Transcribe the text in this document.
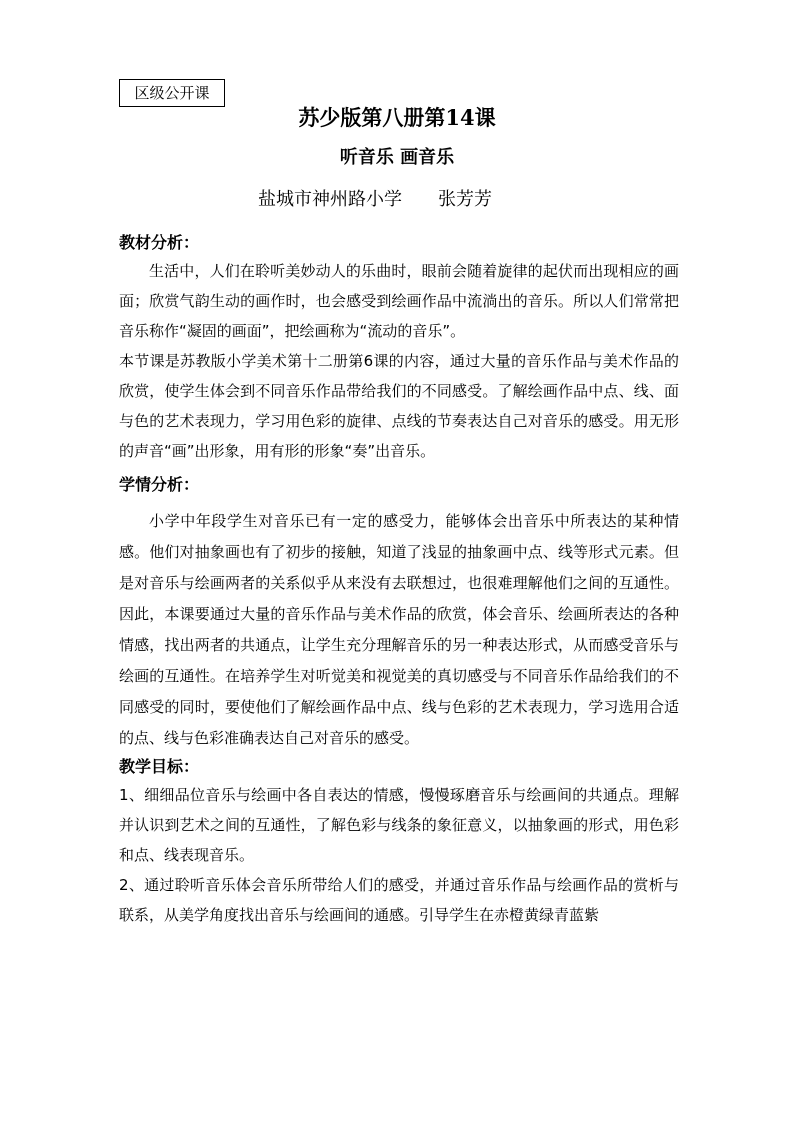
区级公开课
苏少版第八册第14课
听音乐 画音乐
盐城市神州路小学 张芳芳

教材分析：

生活中，人们在聆听美妙动人的乐曲时，眼前会随着旋律的起伏而出现相应的画面；欣赏气韵生动的画作时，也会感受到绘画作品中流淌出的音乐。所以人们常常把音乐称作“凝固的画面”，把绘画称为“流动的音乐”。

本节课是苏教版小学美术第十二册第6课的内容，通过大量的音乐作品与美术作品的欣赏，使学生体会到不同音乐作品带给我们的不同感受。了解绘画作品中点、线、面与色的艺术表现力，学习用色彩的旋律、点线的节奏表达自己对音乐的感受。用无形的声音“画”出形象，用有形的形象“奏”出音乐。

学情分析：

小学中年段学生对音乐已有一定的感受力，能够体会出音乐中所表达的某种情感。他们对抽象画也有了初步的接触，知道了浅显的抽象画中点、线等形式元素。但是对音乐与绘画两者的关系似乎从来没有去联想过，也很难理解他们之间的互通性。因此，本课要通过大量的音乐作品与美术作品的欣赏，体会音乐、绘画所表达的各种情感，找出两者的共通点，让学生充分理解音乐的另一种表达形式，从而感受音乐与绘画的互通性。在培养学生对听觉美和视觉美的真切感受与不同音乐作品给我们的不同感受的同时，要使他们了解绘画作品中点、线与色彩的艺术表现力，学习选用合适的点、线与色彩准确表达自己对音乐的感受。

教学目标：

1、细细品位音乐与绘画中各自表达的情感，慢慢琢磨音乐与绘画间的共通点。理解并认识到艺术之间的互通性，了解色彩与线条的象征意义，以抽象画的形式，用色彩和点、线表现音乐。

2、通过聆听音乐体会音乐所带给人们的感受，并通过音乐作品与绘画作品的赏析与联系，从美学角度找出音乐与绘画间的通感。引导学生在赤橙黄绿青蓝紫
